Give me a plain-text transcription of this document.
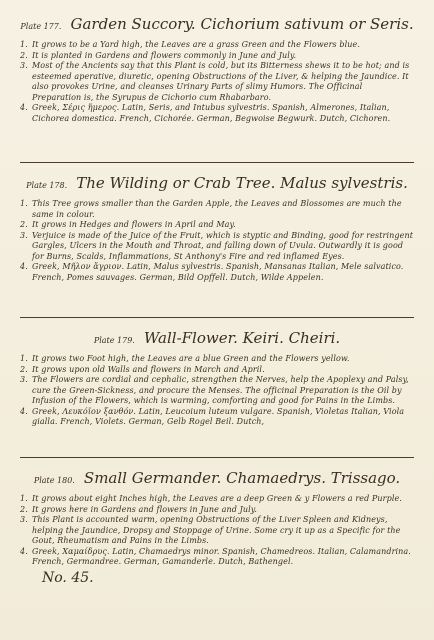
Plate 177. Garden Succory. Cichorium sativum or Seris.
1. It grows to be a Yard high, the Leaves are a grass Green and the Flowers blue.
2. It is planted in Gardens and flowers commonly in June and July.
3. Most of the Ancients say that this Plant is cold, but its Bitterness shews it to be hot; and is esteemed aperative, diuretic, opening Obstructions of the Liver, & helping the Jaundice. It also provokes Urine, and cleanses Urinary Parts of slimy Humors. The Officinal Preparation is, the Syrupus de Cichorio cum Rhabarbaro.
4. Greek, Σέρις ἥμερος. Latin, Seris, and Intubus sylvestris. Spanish, Almerones, Italian, Cichorea domestica. French, Cichorée. German, Begwoise Begwurk. Dutch, Cichoren.
Plate 178. The Wilding or Crab Tree. Malus sylvestris.
1. This Tree grows smaller than the Garden Apple, the Leaves and Blossomes are much the same in colour.
2. It grows in Hedges and flowers in April and May.
3. Verjuice is made of the Juice of the Fruit, which is styptic and Binding, good for restringent Gargles, Ulcers in the Mouth and Throat, and falling down of Uvula. Outwardly it is good for Burns, Scalds, Inflammations, St Anthony's Fire and red inflamed Eyes.
4. Greek, Μῆλον ἄγριον. Latin, Malus sylvestris. Spanish, Mansanas Italian, Mele salvatico. French, Pomes sauvages. German, Bild Opffell. Dutch, Wilde Appelen.
Plate 179. Wall-Flower. Keiri. Cheiri.
1. It grows two Foot high, the Leaves are a blue Green and the Flowers yellow.
2. It grows upon old Walls and flowers in March and April.
3. The Flowers are cordial and cephalic, strengthen the Nerves, help the Apoplexy and Palsy, cure the Green-Sickness, and procure the Menses. The officinal Preparation is the Oil by Infusion of the Flowers, which is warming, comforting and good for Pains in the Limbs.
4. Greek, Λευκόϊον ξανθόν. Latin, Leucoium luteum vulgare. Spanish, Violetas Italian, Viola gialla. French, Violets. German, Gelb Rogel Beil. Dutch,
Plate 180. Small Germander. Chamaedrys. Trissago.
1. It grows about eight Inches high, the Leaves are a deep Green & y Flowers a red Purple.
2. It grows here in Gardens and flowers in June and July.
3. This Plant is accounted warm, opening Obstructions of the Liver Spleen and Kidneys, helping the Jaundice, Dropsy and Stoppage of Urine. Some cry it up as a Specific for the Gout, Rheumatism and Pains in the Limbs.
4. Greek, Χαμαίδρυς. Latin, Chamaedrys minor. Spanish, Chamedreos. Italian, Calamandrina. French, Germandree. German, Gamanderle. Dutch, Bathengel.
No. 45.
